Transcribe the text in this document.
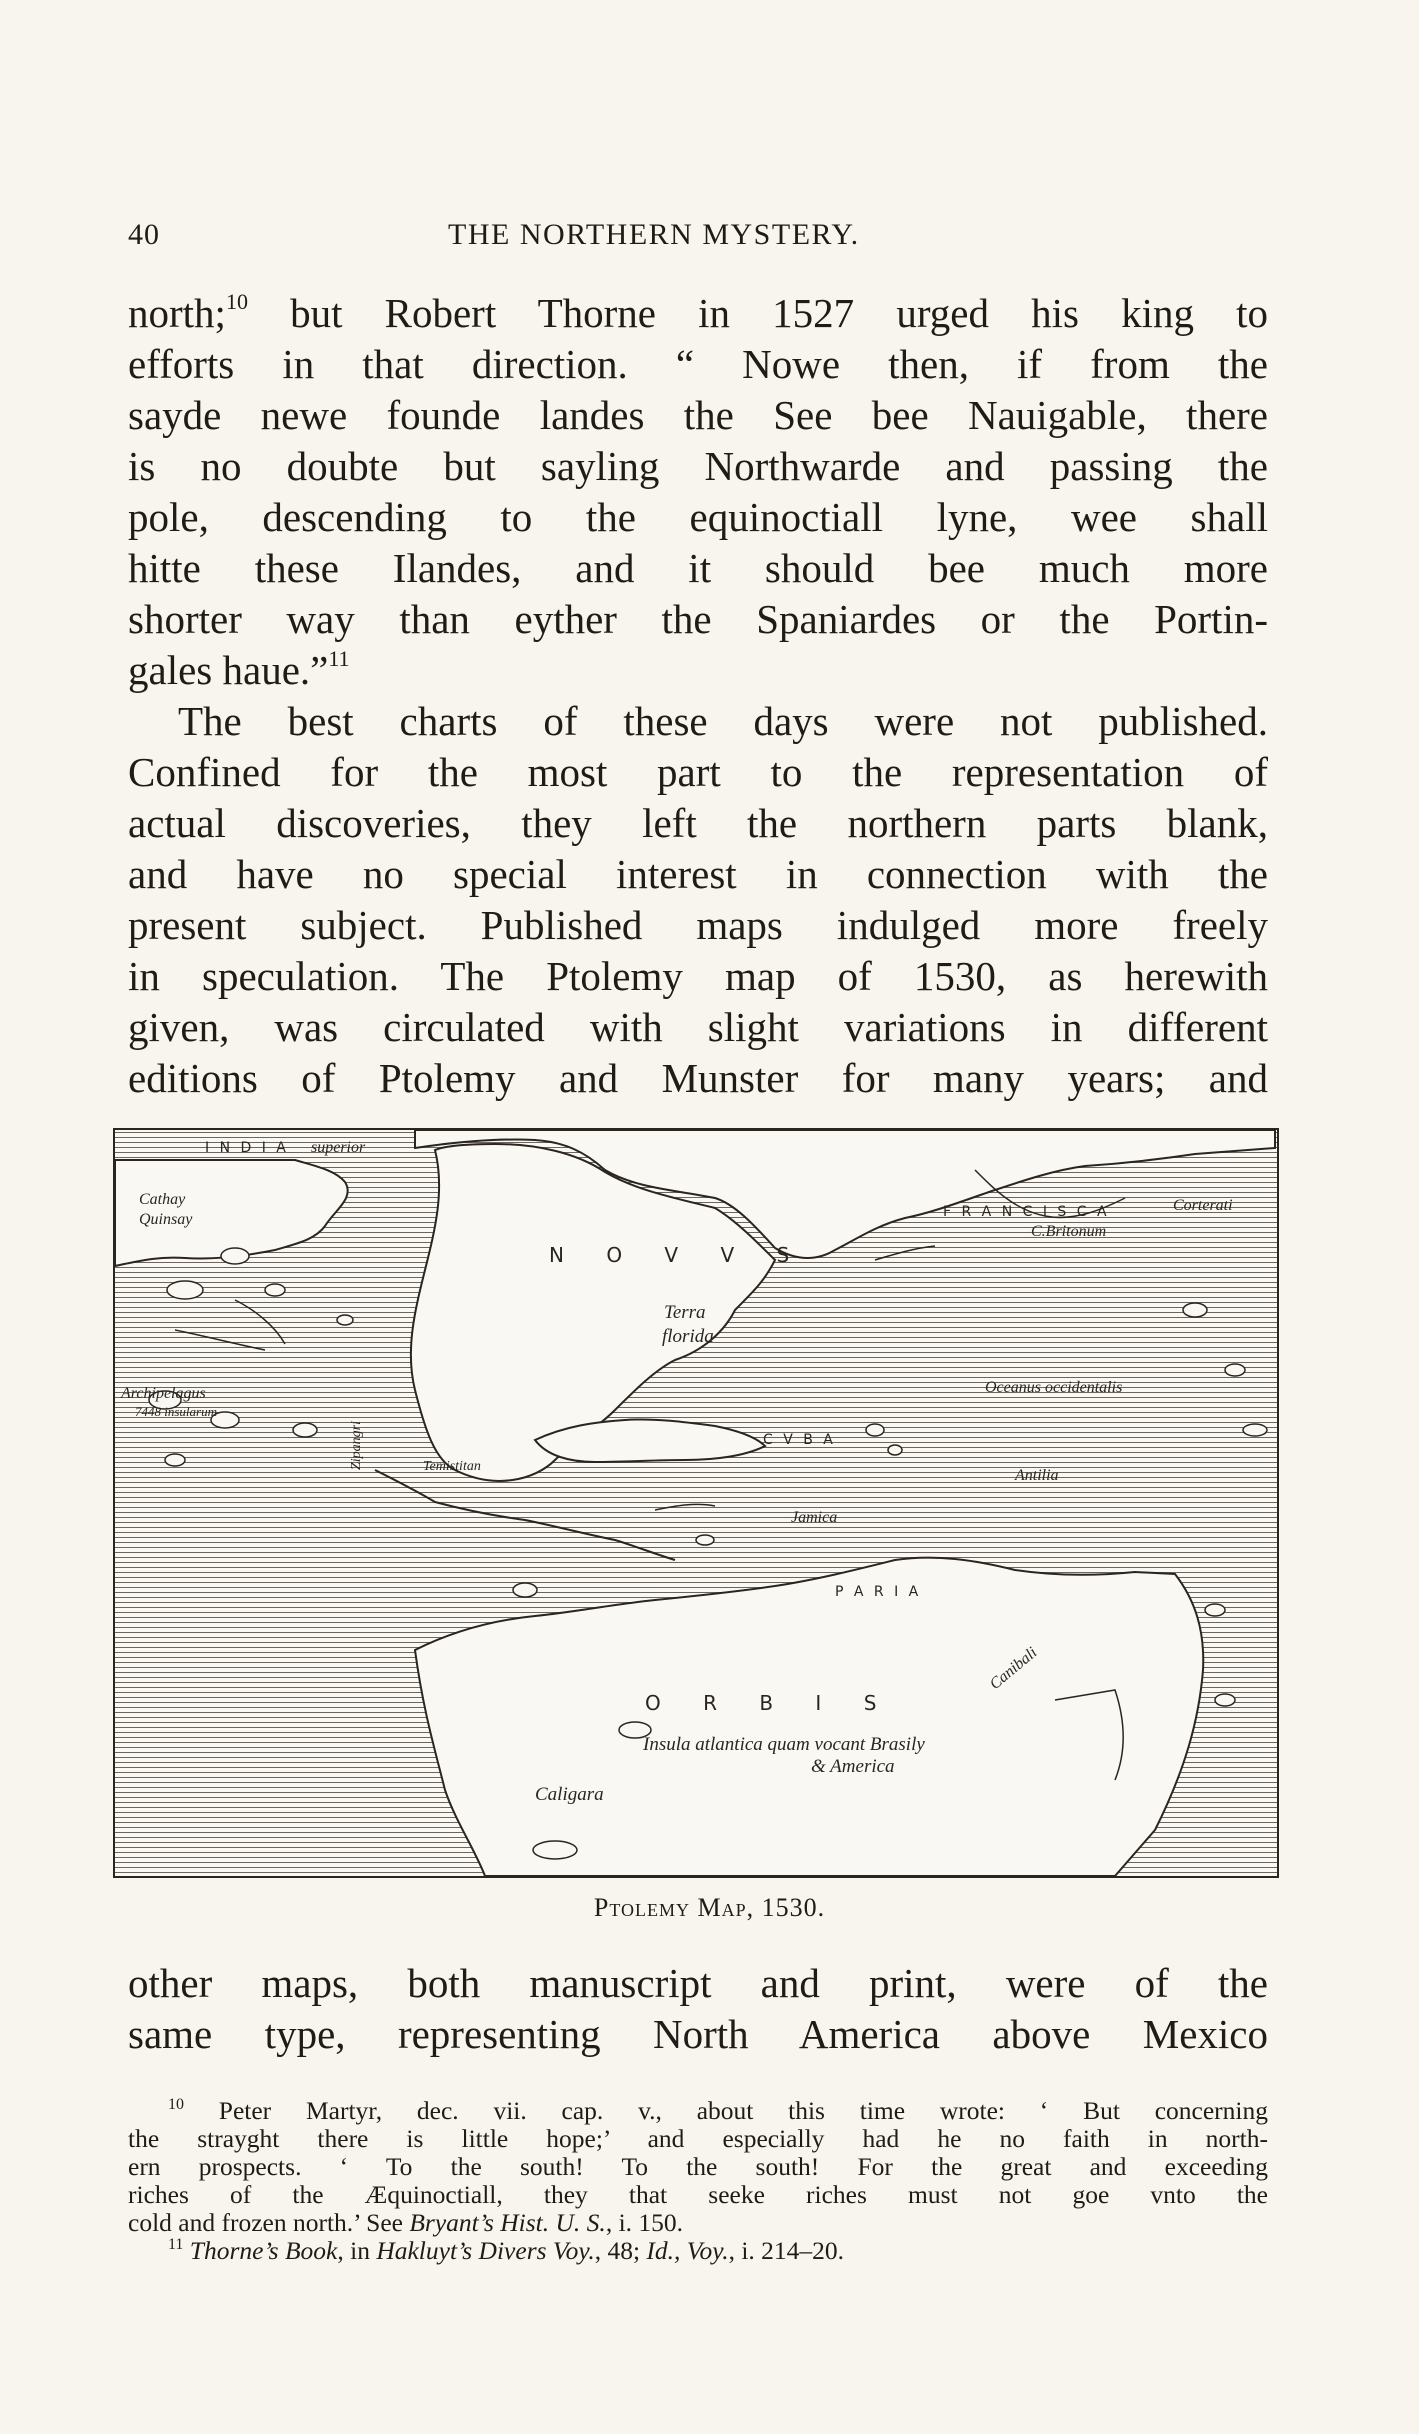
40	THE NORTHERN MYSTERY.
north;$^{10}$ but Robert Thorne in 1527 urged his king to
efforts in that direction. “ Nowe then, if from the
sayde newe founde landes the See bee Nauigable, there
is no doubte but sayling Northwarde and passing the
pole, descending to the equinoctiall lyne, wee shall
hitte these Ilandes, and it should bee much more
shorter way than eyther the Spaniardes or the Portin-
gales haue.”$^{11}$
The best charts of these days were not published.
Confined for the most part to the representation of
actual discoveries, they left the northern parts blank,
and have no special interest in connection with the
present subject. Published maps indulged more freely
in speculation. The Ptolemy map of 1530, as herewith
given, was circulated with slight variations in different
editions of Ptolemy and Munster for many years; and
I N D I A superior
Cathay
Quinsay
Archipelagus
7448 insularum
Zipangri
N O V V S
Terra
florida
F R A N C I S C A
C.Britonum
Corterati
Oceanus occidentalis
Temistitan
C V B A
Antilia
Jamica
P A R I A
O R B I S
Insula atlantica quam vocant Brasily
& America
Caligara
Canibali
Ptolemy Map, 1530.
other maps, both manuscript and print, were of the
same type, representing North America above Mexico
$^{10}$ Peter Martyr, dec. vii. cap. v., about this time wrote: ‘ But concerning
the strayght there is little hope;’ and especially had he no faith in north-
ern prospects. ‘ To the south! To the south! For the great and exceeding
riches of the Æquinoctiall, they that seeke riches must not goe vnto the
cold and frozen north.’ See Bryant’s Hist. U. S., i. 150.
$^{11}$ Thorne’s Book, in Hakluyt’s Divers Voy., 48; Id., Voy., i. 214–20.
